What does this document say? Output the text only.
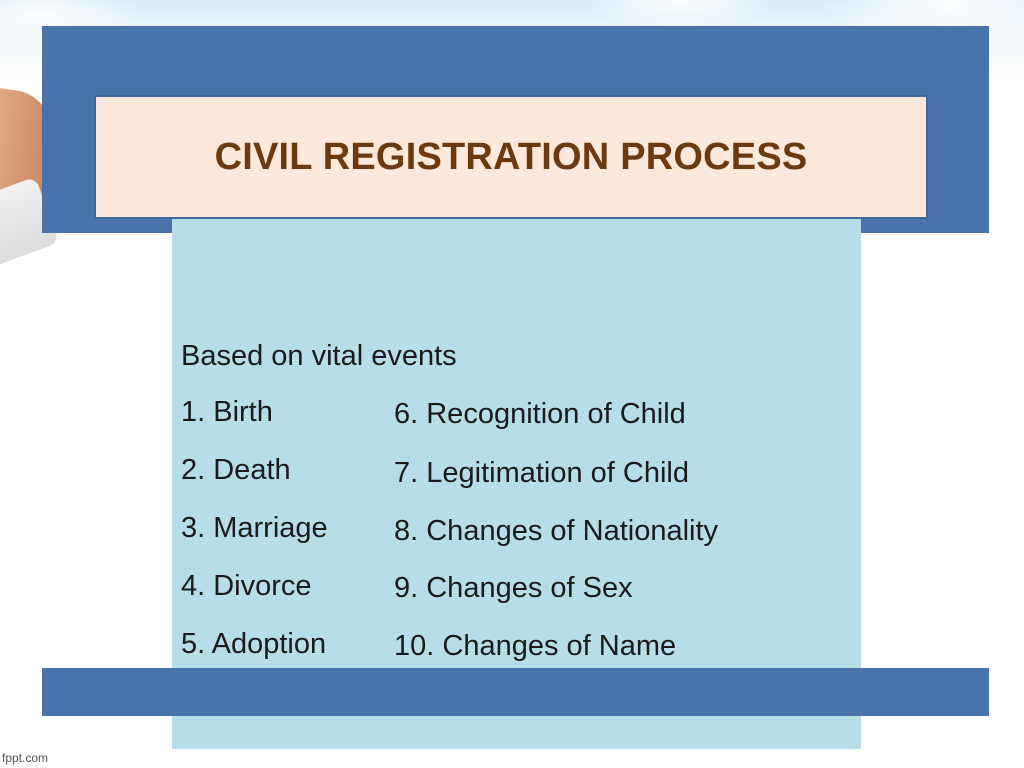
CIVIL REGISTRATION PROCESS
Based on vital events
1. Birth
2. Death
3. Marriage
4. Divorce
5. Adoption
6. Recognition of Child
7. Legitimation of Child
8. Changes of Nationality
9. Changes of Sex
10. Changes of Name
fppt.com
